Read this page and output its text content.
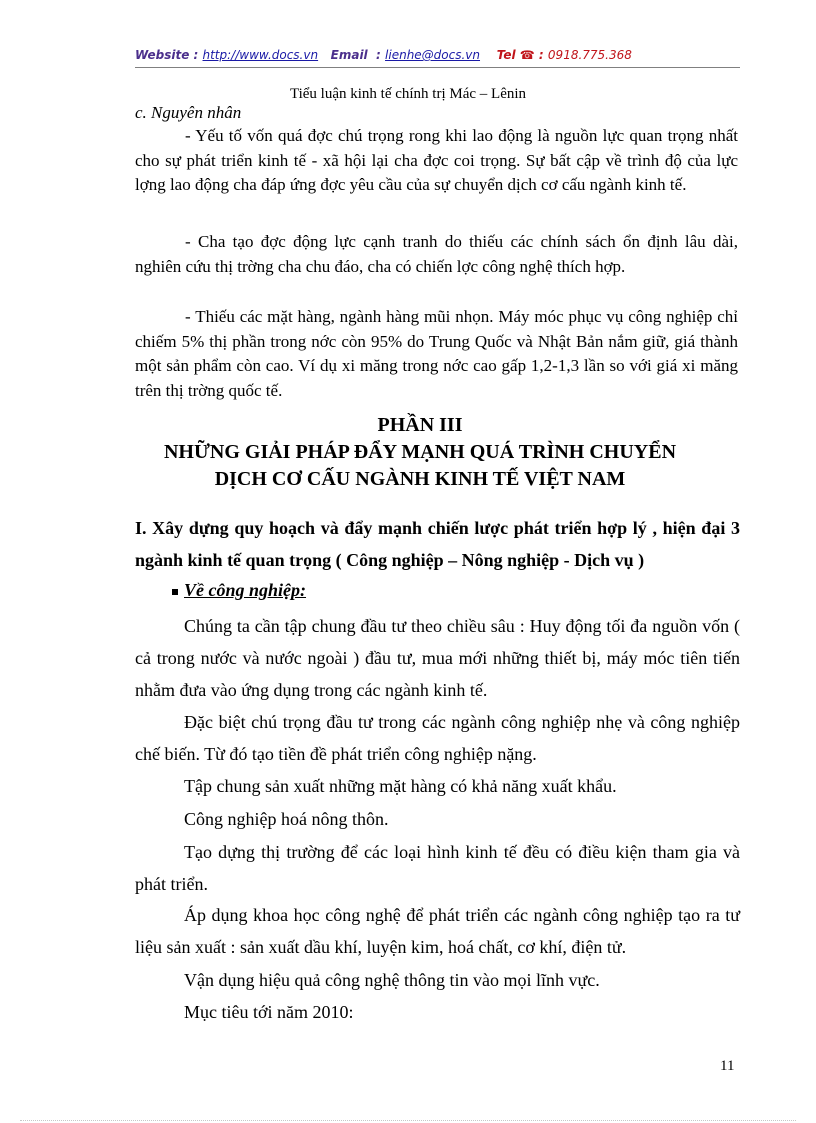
Website : http://www.docs.vn Email : lienhe@docs.vn Tel ☎ : 0918.775.368
Tiểu luận kinh tế chính trị Mác – Lênin
c. Nguyên nhân

- Yếu tố vốn quá đợc chú trọng rong khi lao động là nguồn lực quan trọng nhất cho sự phát triển kinh tế - xã hội lại cha đợc coi trọng. Sự bất cập về trình độ của lực lợng lao động cha đáp ứng đợc yêu cầu của sự chuyển dịch cơ cấu ngành kinh tế.

- Cha tạo đợc động lực cạnh tranh do thiếu các chính sách ổn định lâu dài, nghiên cứu thị trờng cha chu đáo, cha có chiến lợc công nghệ thích hợp.

- Thiếu các mặt hàng, ngành hàng mũi nhọn. Máy móc phục vụ công nghiệp chỉ chiếm 5% thị phần trong nớc còn 95% do Trung Quốc và Nhật Bản nắm giữ, giá thành một sản phẩm còn cao. Ví dụ xi măng trong nớc cao gấp 1,2-1,3 lần so với giá xi măng trên thị trờng quốc tế.

PHẦN III

NHỮNG GIẢI PHÁP ĐẨY MẠNH QUÁ TRÌNH CHUYỂN

DỊCH CƠ CẤU NGÀNH KINH TẾ VIỆT NAM

I. Xây dựng quy hoạch và đẩy mạnh chiến lược phát triển hợp lý , hiện đại 3 ngành kinh tế quan trọng ( Công nghiệp – Nông nghiệp - Dịch vụ )

Về công nghiệp:

Chúng ta cần tập chung đầu tư theo chiều sâu : Huy động tối đa nguồn vốn ( cả trong nước và nước ngoài ) đầu tư, mua mới những thiết bị, máy móc tiên tiến nhằm đưa vào ứng dụng trong các ngành kinh tế.

Đặc biệt chú trọng đầu tư trong các ngành công nghiệp nhẹ và công nghiệp chế biến. Từ đó tạo tiền đề phát triển công nghiệp nặng.

Tập chung sản xuất những mặt hàng có khả năng xuất khẩu.

Công nghiệp hoá nông thôn.

Tạo dựng thị trường để các loại hình kinh tế đều có điều kiện tham gia và phát triển.

Áp dụng khoa học công nghệ để phát triển các ngành công nghiệp tạo ra tư liệu sản xuất : sản xuất dầu khí, luyện kim, hoá chất, cơ khí, điện tử.

Vận dụng hiệu quả công nghệ thông tin vào mọi lĩnh vực.

Mục tiêu tới năm 2010:

11
